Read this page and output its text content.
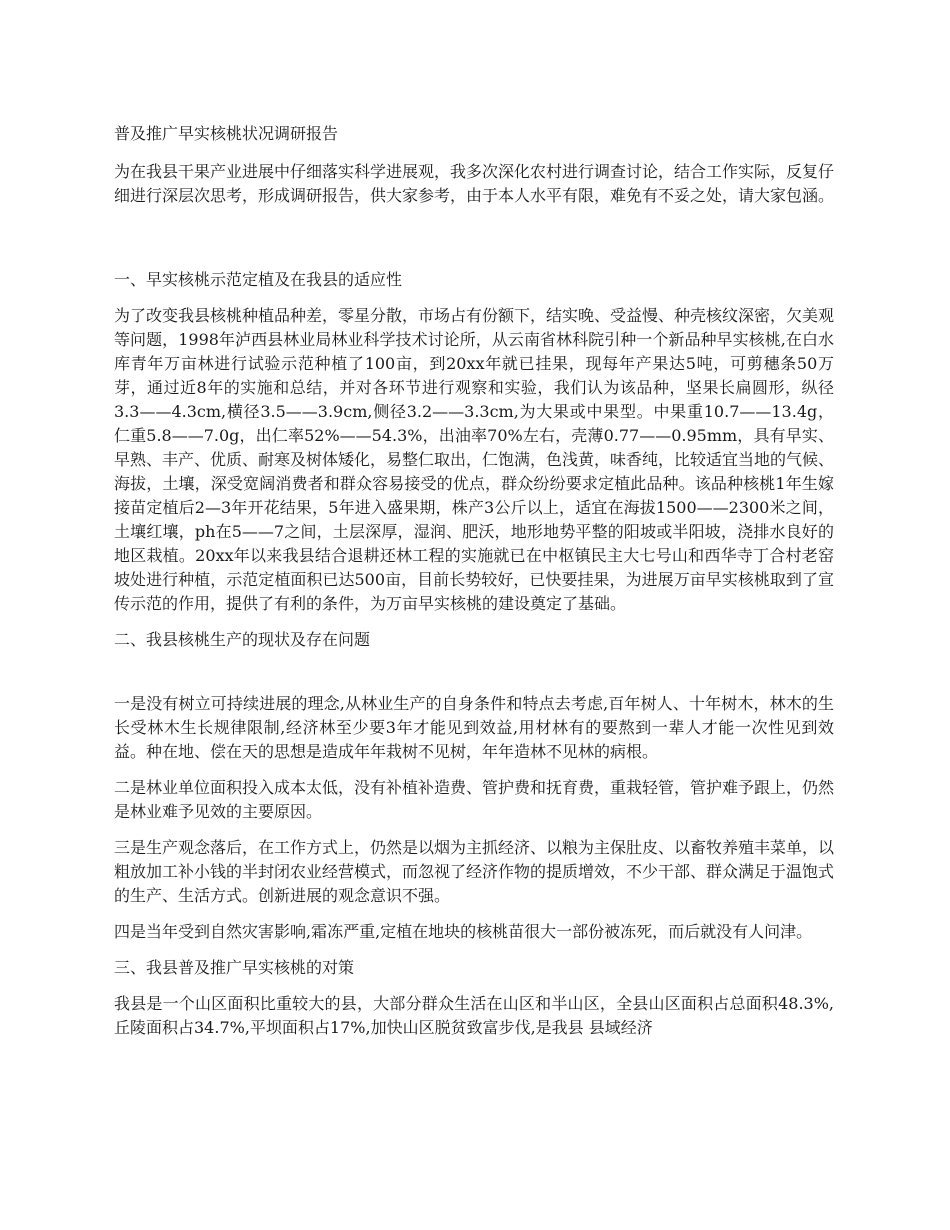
普及推广早实核桃状况调研报告

为在我县干果产业进展中仔细落实科学进展观，我多次深化农村进行调查讨论，结合工作实际，反复仔细进行深层次思考，形成调研报告，供大家参考，由于本人水平有限，难免有不妥之处，请大家包涵。

一、早实核桃示范定植及在我县的适应性

为了改变我县核桃种植品种差，零星分散，市场占有份额下，结实晚、受益慢、种壳核纹深密，欠美观等问题，1998年泸西县林业局林业科学技术讨论所，从云南省林科院引种一个新品种早实核桃,在白水库青年万亩林进行试验示范种植了100亩，到20xx年就已挂果，现每年产果达5吨，可剪穗条50万芽，通过近8年的实施和总结，并对各环节进行观察和实验，我们认为该品种，坚果长扁圆形，纵径3.3——4.3cm,横径3.5——3.9cm,侧径3.2——3.3cm,为大果或中果型。中果重10.7——13.4g，仁重5.8——7.0g，出仁率52%——54.3%，出油率70%左右，壳薄0.77——0.95mm，具有早实、早熟、丰产、优质、耐寒及树体矮化，易整仁取出，仁饱满，色浅黄，味香纯，比较适宜当地的气候、海拔，土壤，深受宽阔消费者和群众容易接受的优点，群众纷纷要求定植此品种。该品种核桃1年生嫁接苗定植后2—3年开花结果，5年进入盛果期，株产3公斤以上，适宜在海拔1500——2300米之间，土壤红壤，ph在5——7之间，土层深厚，湿润、肥沃，地形地势平整的阳坡或半阳坡，浇排水良好的地区栽植。20xx年以来我县结合退耕还林工程的实施就已在中枢镇民主大七号山和西华寺丁合村老窑坡处进行种植，示范定植面积已达500亩，目前长势较好，已快要挂果，为进展万亩早实核桃取到了宣传示范的作用，提供了有利的条件，为万亩早实核桃的建设奠定了基础。

二、我县核桃生产的现状及存在问题

一是没有树立可持续进展的理念,从林业生产的自身条件和特点去考虑,百年树人、十年树木，林木的生长受林木生长规律限制,经济林至少要3年才能见到效益,用材林有的要熬到一辈人才能一次性见到效益。种在地、偿在天的思想是造成年年栽树不见树，年年造林不见林的病根。

二是林业单位面积投入成本太低，没有补植补造费、管护费和抚育费，重栽轻管，管护难予跟上，仍然是林业难予见效的主要原因。

三是生产观念落后，在工作方式上，仍然是以烟为主抓经济、以粮为主保肚皮、以畜牧养殖丰菜单，以粗放加工补小钱的半封闭农业经营模式，而忽视了经济作物的提质增效，不少干部、群众满足于温饱式的生产、生活方式。创新进展的观念意识不强。

四是当年受到自然灾害影响,霜冻严重,定植在地块的核桃苗很大一部份被冻死，而后就没有人问津。

三、我县普及推广早实核桃的对策

我县是一个山区面积比重较大的县，大部分群众生活在山区和半山区，全县山区面积占总面积48.3%,丘陵面积占34.7%,平坝面积占17%,加快山区脱贫致富步伐,是我县 县域经济
